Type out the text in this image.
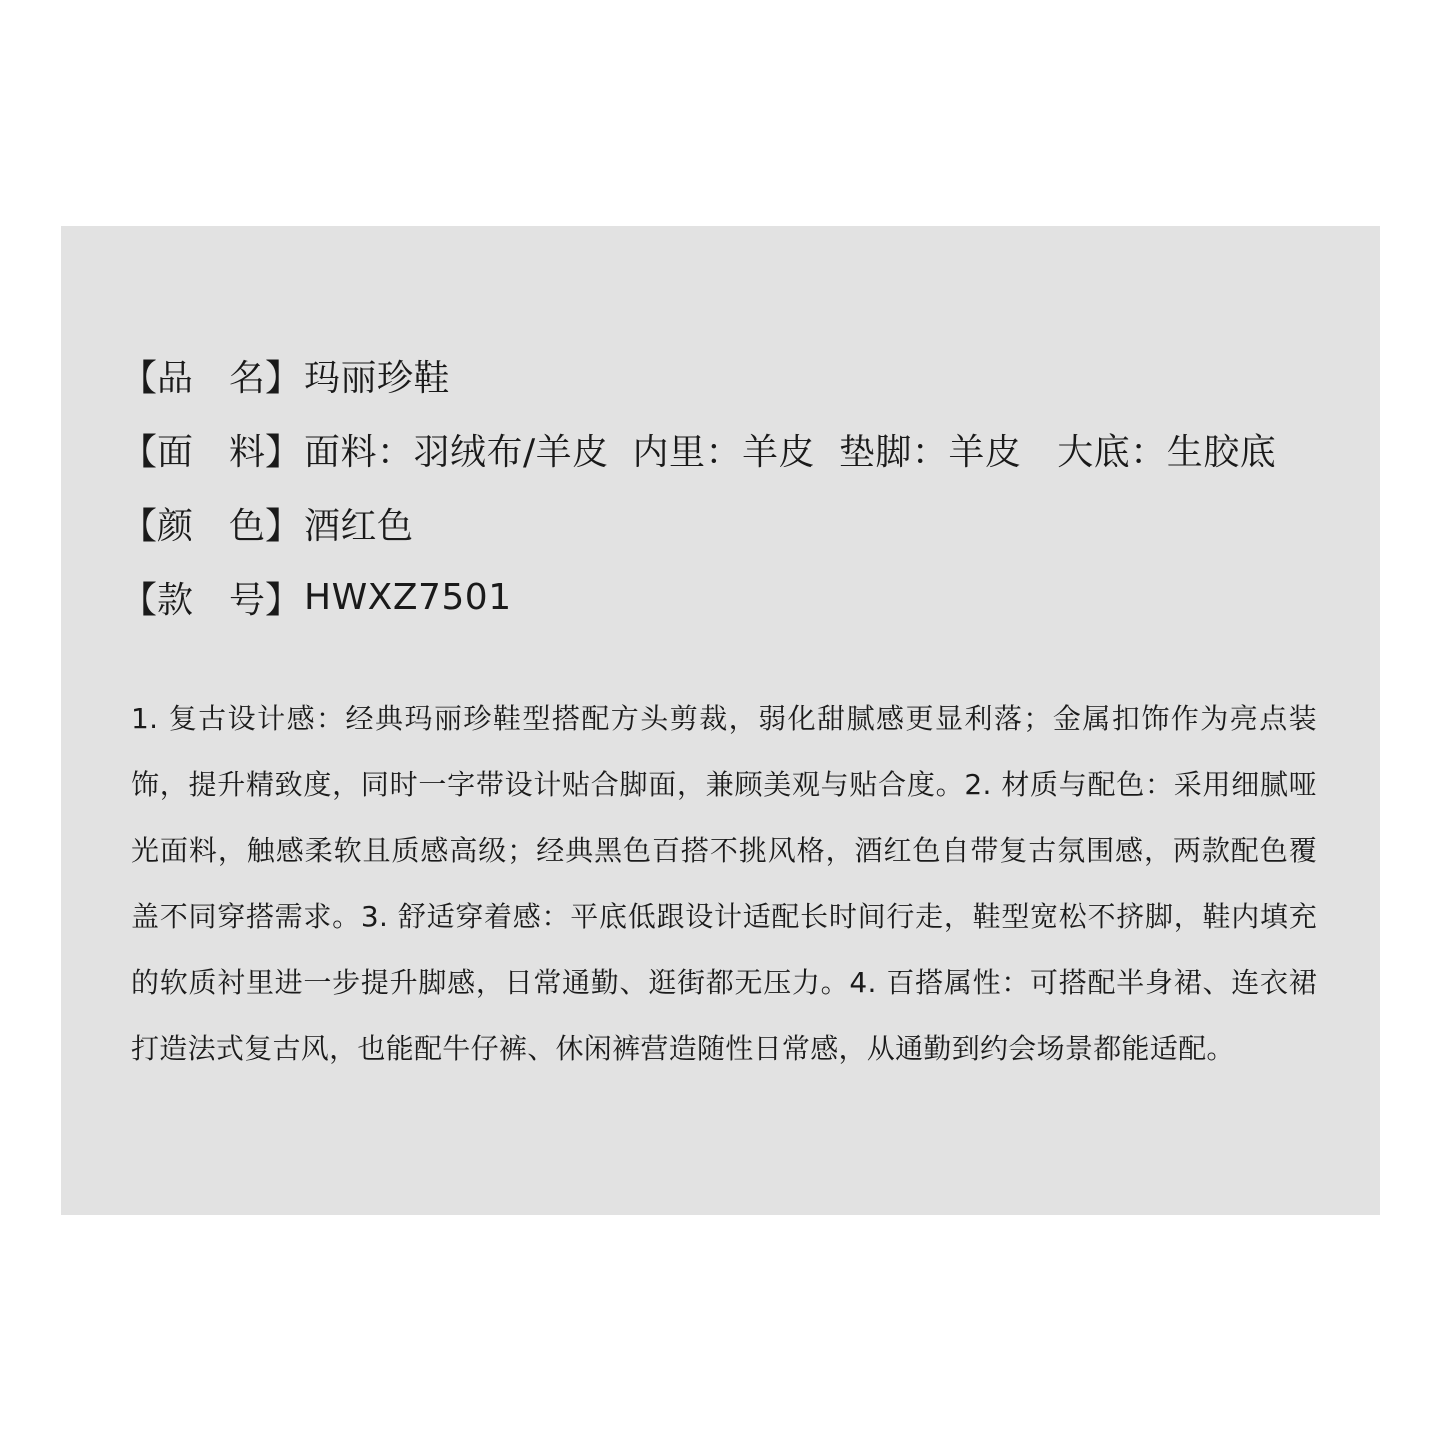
【品　名】 玛丽珍鞋
【面　料】 面料：羽绒布/羊皮  内里：羊皮  垫脚：羊皮   大底：生胶底
【颜　色】 酒红色
【款　号】 HWXZ7501
1. 复古设计感：经典玛丽珍鞋型搭配方头剪裁，弱化甜腻感更显利落；金属扣饰作为亮点装饰，提升精致度，同时一字带设计贴合脚面，兼顾美观与贴合度。2. 材质与配色：采用细腻哑光面料，触感柔软且质感高级；经典黑色百搭不挑风格，酒红色自带复古氛围感，两款配色覆盖不同穿搭需求。3. 舒适穿着感：平底低跟设计适配长时间行走，鞋型宽松不挤脚，鞋内填充的软质衬里进一步提升脚感，日常通勤、逛街都无压力。4. 百搭属性：可搭配半身裙、连衣裙打造法式复古风，也能配牛仔裤、休闲裤营造随性日常感，从通勤到约会场景都能适配。
